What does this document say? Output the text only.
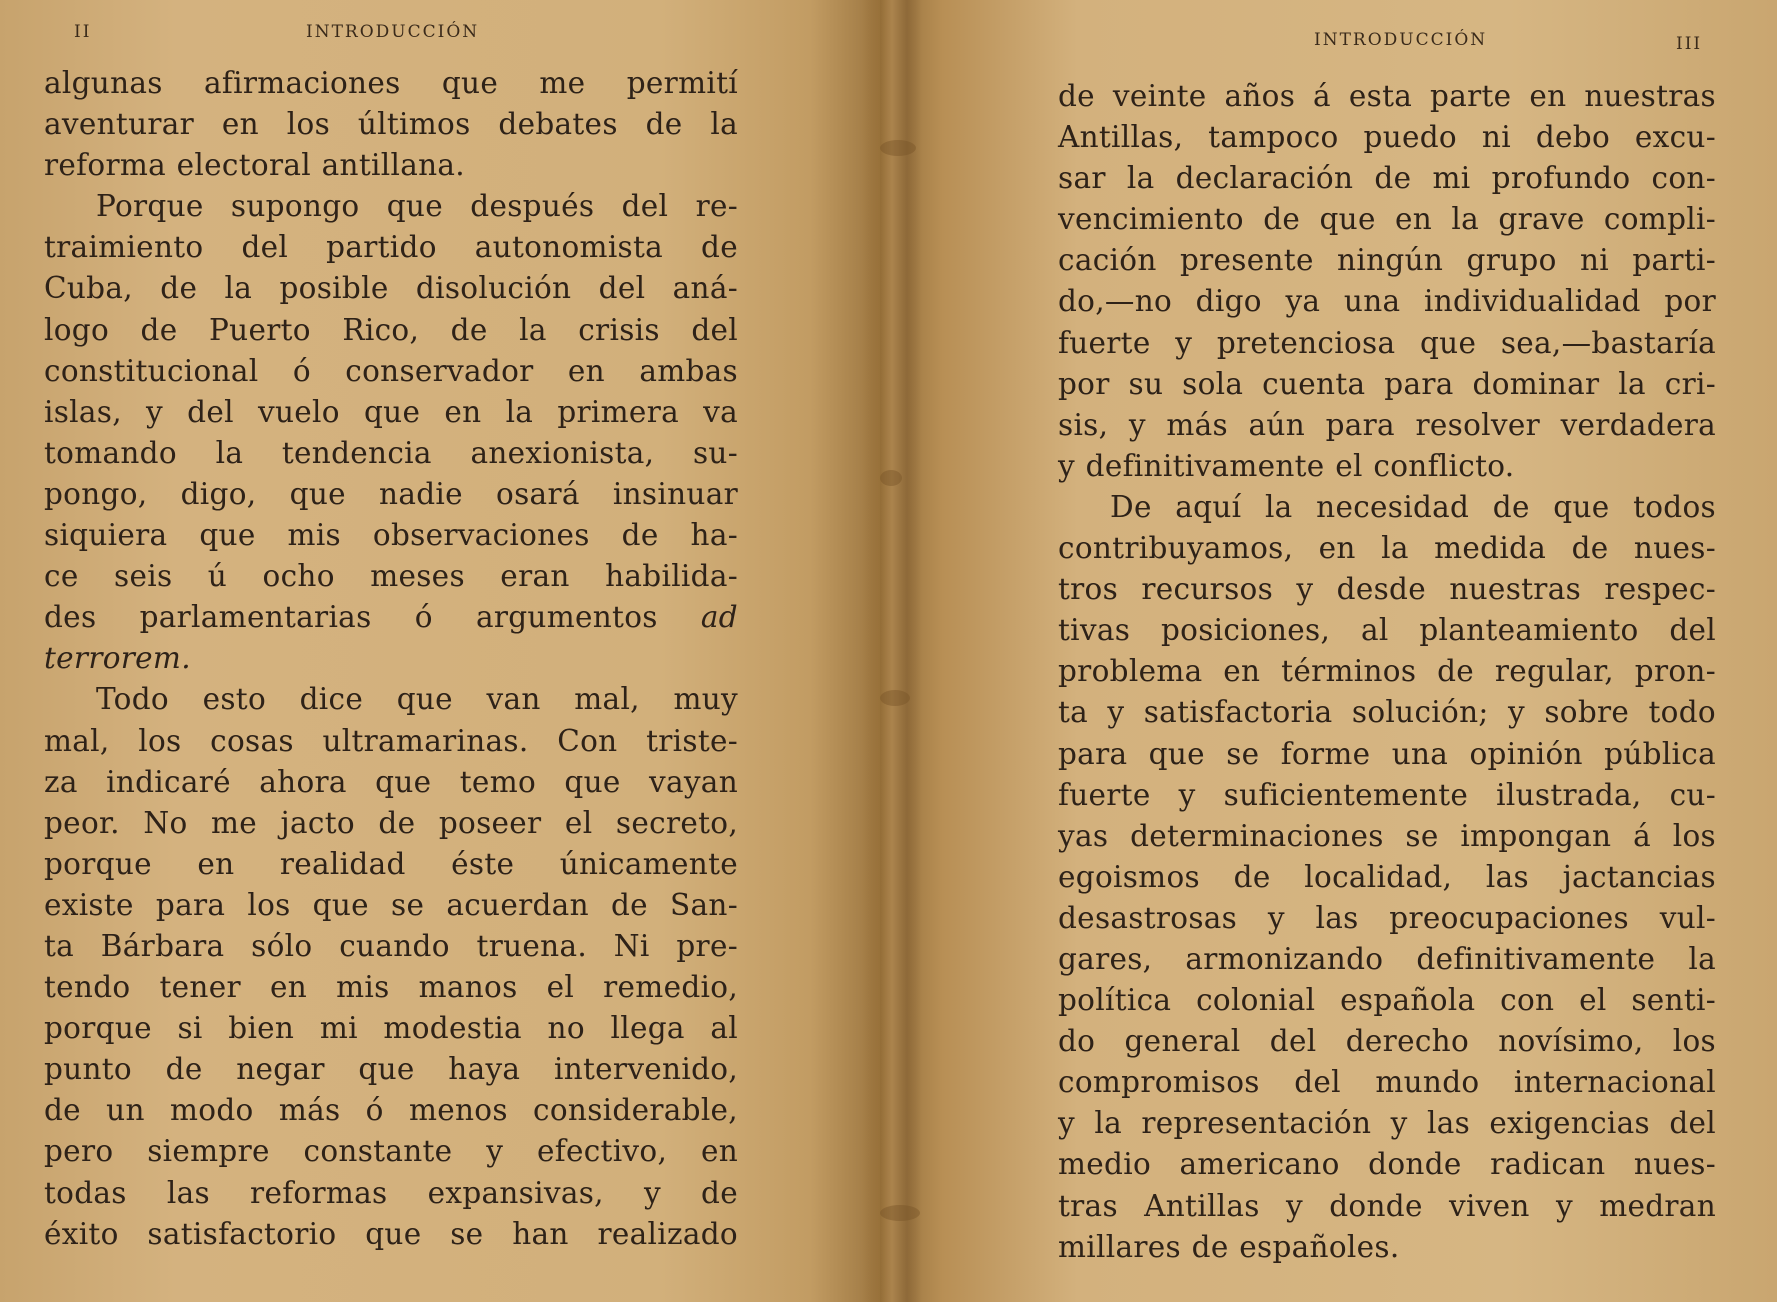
II	INTRODUCCIÓN
algunas afirmaciones que me permití
aventurar en los últimos debates de la
reforma electoral antillana.
Porque supongo que después del re-
traimiento del partido autonomista de
Cuba, de la posible disolución del aná-
logo de Puerto Rico, de la crisis del
constitucional ó conservador en ambas
islas, y del vuelo que en la primera va
tomando la tendencia anexionista, su-
pongo, digo, que nadie osará insinuar
siquiera que mis observaciones de ha-
ce seis ú ocho meses eran habilida-
des parlamentarias ó argumentos ad
terrorem.
Todo esto dice que van mal, muy
mal, los cosas ultramarinas. Con triste-
za indicaré ahora que temo que vayan
peor. No me jacto de poseer el secreto,
porque en realidad éste únicamente
existe para los que se acuerdan de San-
ta Bárbara sólo cuando truena. Ni pre-
tendo tener en mis manos el remedio,
porque si bien mi modestia no llega al
punto de negar que haya intervenido,
de un modo más ó menos considerable,
pero siempre constante y efectivo, en
todas las reformas expansivas, y de
éxito satisfactorio que se han realizado
INTRODUCCIÓN	III
de veinte años á esta parte en nuestras
Antillas, tampoco puedo ni debo excu-
sar la declaración de mi profundo con-
vencimiento de que en la grave compli-
cación presente ningún grupo ni parti-
do,—no digo ya una individualidad por
fuerte y pretenciosa que sea,—bastaría
por su sola cuenta para dominar la cri-
sis, y más aún para resolver verdadera
y definitivamente el conflicto.
De aquí la necesidad de que todos
contribuyamos, en la medida de nues-
tros recursos y desde nuestras respec-
tivas posiciones, al planteamiento del
problema en términos de regular, pron-
ta y satisfactoria solución; y sobre todo
para que se forme una opinión pública
fuerte y suficientemente ilustrada, cu-
yas determinaciones se impongan á los
egoismos de localidad, las jactancias
desastrosas y las preocupaciones vul-
gares, armonizando definitivamente la
política colonial española con el senti-
do general del derecho novísimo, los
compromisos del mundo internacional
y la representación y las exigencias del
medio americano donde radican nues-
tras Antillas y donde viven y medran
millares de españoles.
